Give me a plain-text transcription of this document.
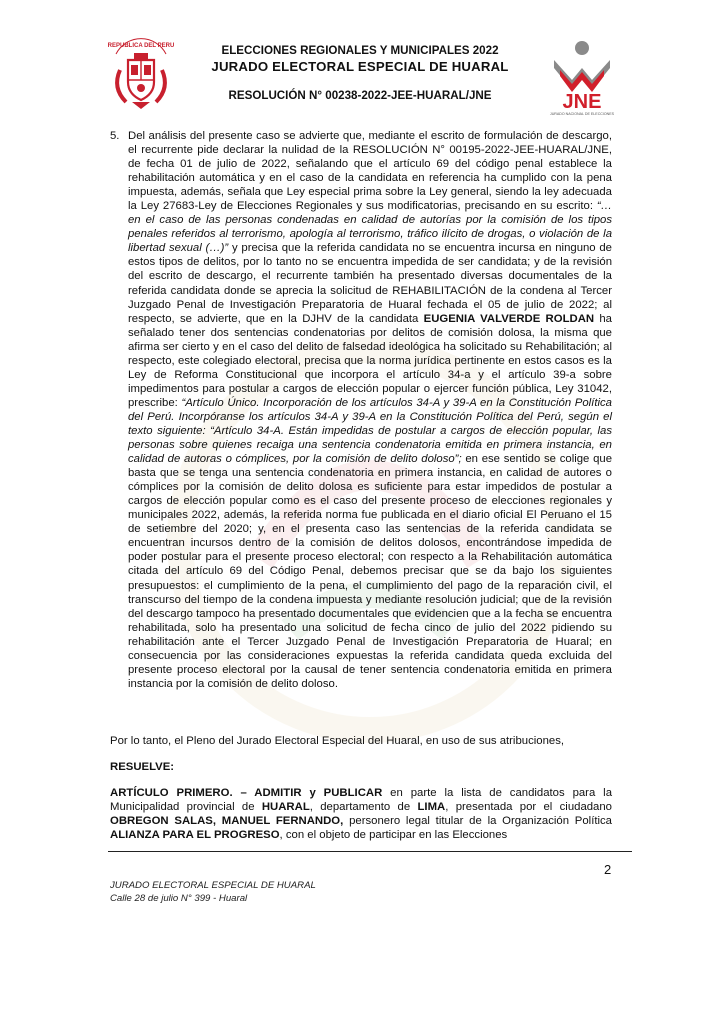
REPUBLICA DEL PERU	ELECCIONES REGIONALES Y MUNICIPALES 2022
JURADO ELECTORAL ESPECIAL DE HUARAL
RESOLUCIÓN N° 00238-2022-JEE-HUARAL/JNE	JNE
JURADO NACIONAL DE ELECCIONES
5. Del análisis del presente caso se advierte que, mediante el escrito de formulación de descargo, el recurrente pide declarar la nulidad de la RESOLUCIÓN N° 00195-2022-JEE-HUARAL/JNE, de fecha 01 de julio de 2022, señalando que el artículo 69 del código penal establece la rehabilitación automática y en el caso de la candidata en referencia ha cumplido con la pena impuesta, además, señala que Ley especial prima sobre la Ley general, siendo la ley adecuada la Ley 27683-Ley de Elecciones Regionales y sus modificatorias, precisando en su escrito: “… en el caso de las personas condenadas en calidad de autorías por la comisión de los tipos penales referidos al terrorismo, apología al terrorismo, tráfico ilícito de drogas, o violación de la libertad sexual (…)” y precisa que la referida candidata no se encuentra incursa en ninguno de estos tipos de delitos, por lo tanto no se encuentra impedida de ser candidata; y de la revisión del escrito de descargo, el recurrente también ha presentado diversas documentales de la referida candidata donde se aprecia la solicitud de REHABILITACIÓN de la condena al Tercer Juzgado Penal de Investigación Preparatoria de Huaral fechada el 05 de julio de 2022; al respecto, se advierte, que en la DJHV de la candidata EUGENIA VALVERDE ROLDAN ha señalado tener dos sentencias condenatorias por delitos de comisión dolosa, la misma que afirma ser cierto y en el caso del delito de falsedad ideológica ha solicitado su Rehabilitación; al respecto, este colegiado electoral, precisa que la norma jurídica pertinente en estos casos es la Ley de Reforma Constitucional que incorpora el artículo 34-a y el artículo 39-a sobre impedimentos para postular a cargos de elección popular o ejercer función pública, Ley 31042, prescribe: “Artículo Único. Incorporación de los artículos 34-A y 39-A en la Constitución Política del Perú. Incorpóranse los artículos 34-A y 39-A en la Constitución Política del Perú, según el texto siguiente: “Artículo 34-A. Están impedidas de postular a cargos de elección popular, las personas sobre quienes recaiga una sentencia condenatoria emitida en primera instancia, en calidad de autoras o cómplices, por la comisión de delito doloso”; en ese sentido se colige que basta que se tenga una sentencia condenatoria en primera instancia, en calidad de autores o cómplices por la comisión de delito dolosa es suficiente para estar impedidos de postular a cargos de elección popular como es el caso del presente proceso de elecciones regionales y municipales 2022, además, la referida norma fue publicada en el diario oficial El Peruano el 15 de setiembre del 2020; y, en el presenta caso las sentencias de la referida candidata se encuentran incursos dentro de la comisión de delitos dolosos, encontrándose impedida de poder postular para el presente proceso electoral; con respecto a la Rehabilitación automática citada del artículo 69 del Código Penal, debemos precisar que se da bajo los siguientes presupuestos: el cumplimiento de la pena, el cumplimiento del pago de la reparación civil, el transcurso del tiempo de la condena impuesta y mediante resolución judicial; que de la revisión del descargo tampoco ha presentado documentales que evidencien que a la fecha se encuentra rehabilitada, solo ha presentado una solicitud de fecha cinco de julio del 2022 pidiendo su rehabilitación ante el Tercer Juzgado Penal de Investigación Preparatoria de Huaral; en consecuencia por las consideraciones expuestas la referida candidata queda excluida del presente proceso electoral por la causal de tener sentencia condenatoria emitida en primera instancia por la comisión de delito doloso.
Por lo tanto, el Pleno del Jurado Electoral Especial del Huaral, en uso de sus atribuciones,
RESUELVE:
ARTÍCULO PRIMERO. – ADMITIR y PUBLICAR en parte la lista de candidatos para la Municipalidad provincial de HUARAL, departamento de LIMA, presentada por el ciudadano OBREGON SALAS, MANUEL FERNANDO, personero legal titular de la Organización Política ALIANZA PARA EL PROGRESO, con el objeto de participar en las Elecciones
2
JURADO ELECTORAL ESPECIAL DE HUARAL
Calle 28 de julio N° 399 - Huaral
